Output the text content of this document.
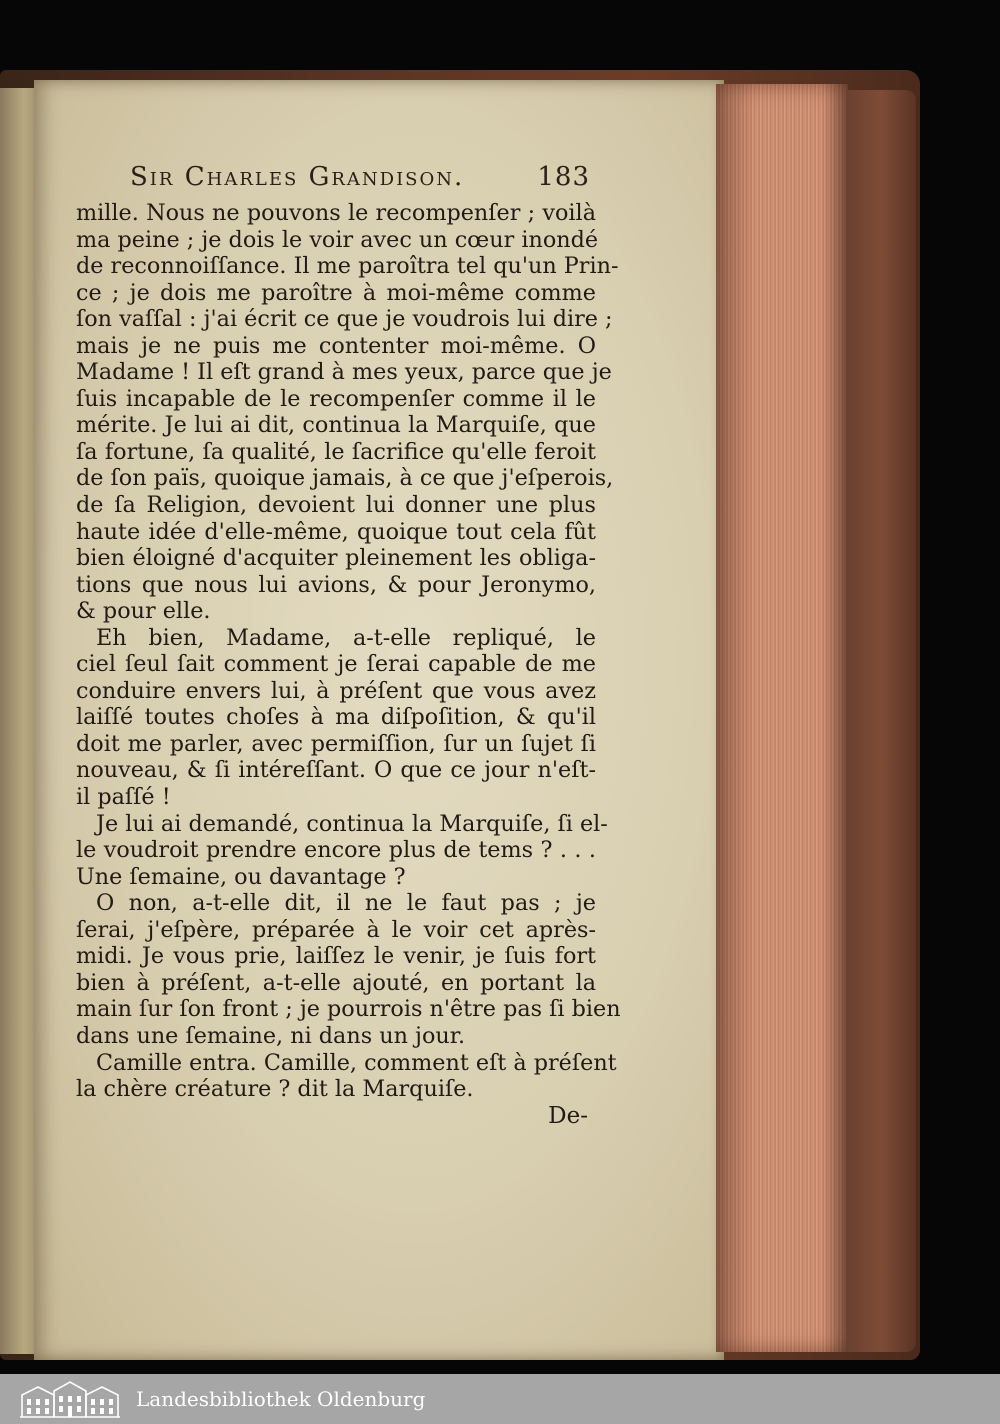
Sir Charles Grandison.	183
mille. Nous ne pouvons le recompenſer ; voilà
ma peine ; je dois le voir avec un cœur inondé
de reconnoiſſance. Il me paroîtra tel qu'un Prin-
ce ; je dois me paroître à moi-même comme
ſon vaſſal : j'ai écrit ce que je voudrois lui dire ;
mais je ne puis me contenter moi-même. O
Madame ! Il eſt grand à mes yeux, parce que je
ſuis incapable de le recompenſer comme il le
mérite. Je lui ai dit, continua la Marquiſe, que
ſa fortune, ſa qualité, le ſacrifice qu'elle feroit
de ſon païs, quoique jamais, à ce que j'eſperois,
de ſa Religion, devoient lui donner une plus
haute idée d'elle-même, quoique tout cela fût
bien éloigné d'acquiter pleinement les obliga-
tions que nous lui avions, & pour Jeronymo,
& pour elle.
Eh bien, Madame, a-t-elle repliqué, le
ciel ſeul ſait comment je ſerai capable de me
conduire envers lui, à préſent que vous avez
laiſſé toutes choſes à ma diſpoſition, & qu'il
doit me parler, avec permiſſion, ſur un ſujet ſi
nouveau, & ſi intéreſſant. O que ce jour n'eſt-
il paſſé !
Je lui ai demandé, continua la Marquiſe, ſi el-
le voudroit prendre encore plus de tems ? . . .
Une ſemaine, ou davantage ?
O non, a-t-elle dit, il ne le faut pas ; je
ſerai, j'eſpère, préparée à le voir cet après-
midi. Je vous prie, laiſſez le venir, je ſuis fort
bien à préſent, a-t-elle ajouté, en portant la
main ſur ſon front ; je pourrois n'être pas ſi bien
dans une ſemaine, ni dans un jour.
Camille entra. Camille, comment eſt à préſent
la chère créature ? dit la Marquiſe.
De-
Landesbibliothek Oldenburg
